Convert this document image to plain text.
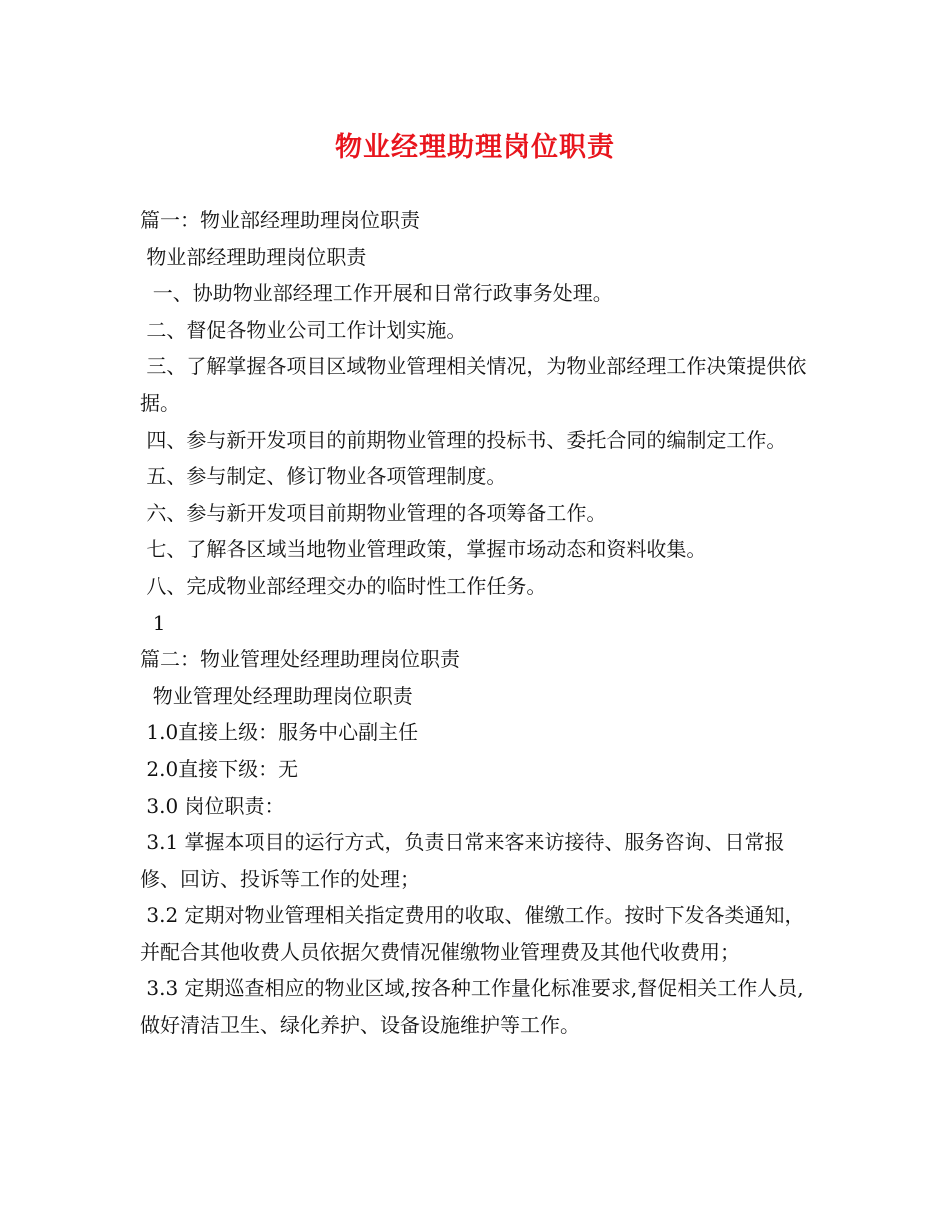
物业经理助理岗位职责
篇一：物业部经理助理岗位职责
物业部经理助理岗位职责
一、协助物业部经理工作开展和日常行政事务处理。
二、督促各物业公司工作计划实施。
三、了解掌握各项目区域物业管理相关情况，为物业部经理工作决策提供依据。
四、参与新开发项目的前期物业管理的投标书、委托合同的编制定工作。
五、参与制定、修订物业各项管理制度。
六、参与新开发项目前期物业管理的各项筹备工作。
七、了解各区域当地物业管理政策，掌握市场动态和资料收集。
八、完成物业部经理交办的临时性工作任务。
1
篇二：物业管理处经理助理岗位职责
物业管理处经理助理岗位职责
1.0直接上级：服务中心副主任
2.0直接下级：无
3.0 岗位职责：
3.1 掌握本项目的运行方式，负责日常来客来访接待、服务咨询、日常报修、回访、投诉等工作的处理；
3.2 定期对物业管理相关指定费用的收取、催缴工作。按时下发各类通知，并配合其他收费人员依据欠费情况催缴物业管理费及其他代收费用；
3.3 定期巡查相应的物业区域,按各种工作量化标准要求,督促相关工作人员,做好清洁卫生、绿化养护、设备设施维护等工作。
